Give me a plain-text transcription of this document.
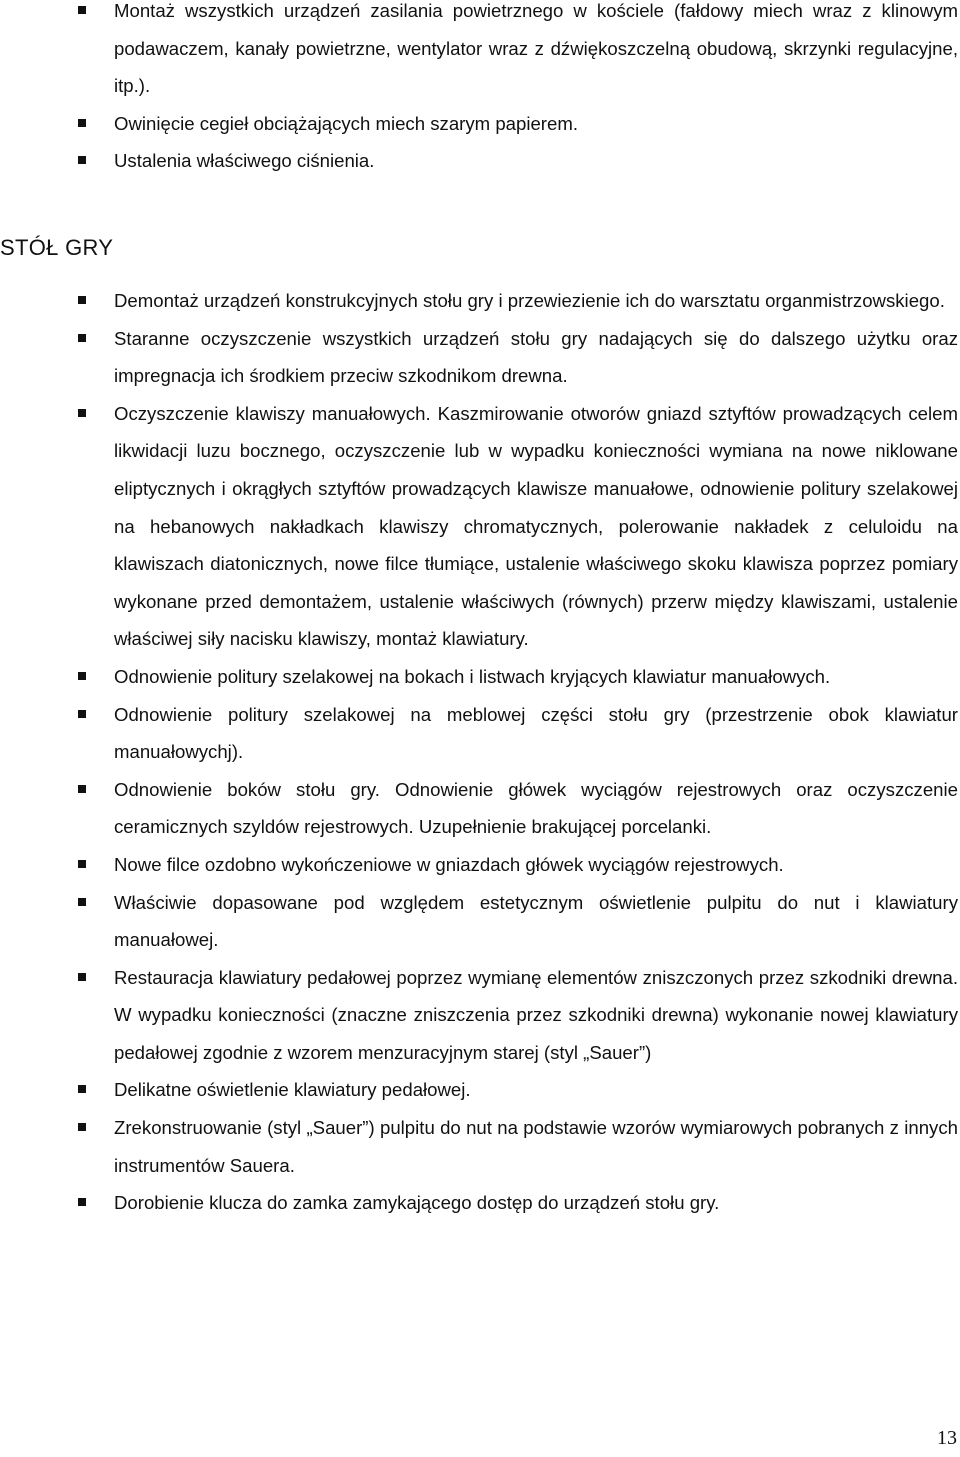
Montaż wszystkich urządzeń zasilania powietrznego w kościele (fałdowy miech wraz z klinowym podawaczem, kanały powietrzne, wentylator wraz z dźwiękoszczelną obudową, skrzynki regulacyjne, itp.).
Owinięcie cegieł obciążających miech szarym papierem.
Ustalenia właściwego ciśnienia.
STÓŁ GRY
Demontaż urządzeń konstrukcyjnych stołu gry i przewiezienie ich do warsztatu organmistrzowskiego.
Staranne oczyszczenie wszystkich urządzeń stołu gry nadających się do dalszego użytku oraz impregnacja ich środkiem przeciw szkodnikom drewna.
Oczyszczenie klawiszy manuałowych. Kaszmirowanie otworów gniazd sztyftów prowadzących celem likwidacji luzu bocznego, oczyszczenie lub w wypadku konieczności wymiana na nowe niklowane eliptycznych i okrągłych sztyftów prowadzących klawisze manuałowe, odnowienie politury szelakowej na hebanowych nakładkach klawiszy chromatycznych, polerowanie nakładek z celuloidu na klawiszach diatonicznych, nowe filce tłumiące, ustalenie właściwego skoku klawisza poprzez pomiary wykonane przed demontażem, ustalenie właściwych (równych) przerw między klawiszami, ustalenie właściwej siły nacisku klawiszy, montaż klawiatury.
Odnowienie politury szelakowej na bokach i listwach kryjących klawiatur manuałowych.
Odnowienie politury szelakowej na meblowej części stołu gry (przestrzenie obok klawiatur manuałowychj).
Odnowienie boków stołu gry. Odnowienie główek wyciągów rejestrowych oraz oczyszczenie ceramicznych szyldów rejestrowych. Uzupełnienie brakującej porcelanki.
Nowe filce ozdobno wykończeniowe w gniazdach główek wyciągów rejestrowych.
Właściwie dopasowane pod względem estetycznym oświetlenie pulpitu do nut i klawiatury manuałowej.
Restauracja klawiatury pedałowej poprzez wymianę elementów zniszczonych przez szkodniki drewna. W wypadku konieczności (znaczne zniszczenia przez szkodniki drewna) wykonanie nowej klawiatury pedałowej zgodnie z wzorem menzuracyjnym starej (styl „Sauer”)
Delikatne oświetlenie klawiatury pedałowej.
Zrekonstruowanie (styl „Sauer”) pulpitu do nut na podstawie wzorów wymiarowych pobranych z innych instrumentów Sauera.
Dorobienie klucza do zamka zamykającego dostęp do urządzeń stołu gry.
13
